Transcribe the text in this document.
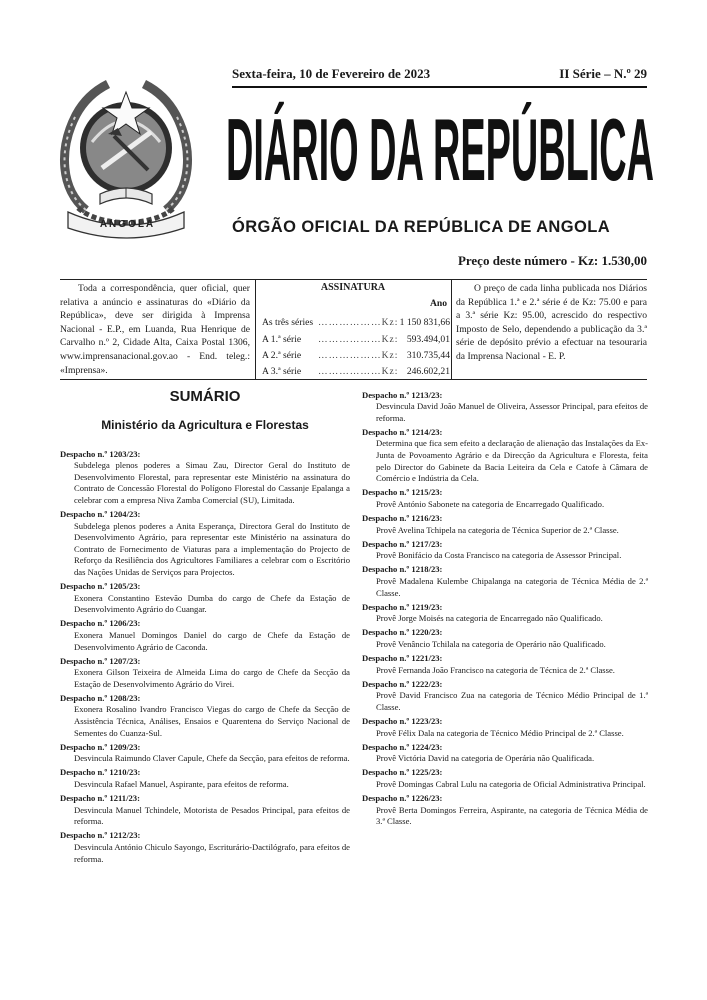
ANGOLA
Sexta-feira, 10 de Fevereiro de 2023	II Série – N.º 29
DIÁRIO DA REPÚBLICA
ÓRGÃO OFICIAL DA REPÚBLICA DE ANGOLA
Preço deste número - Kz: 1.530,00
Toda a correspondência, quer oficial, quer relativa a anúncio e assinaturas do «Diário da República», deve ser dirigida à Imprensa Nacional - E.P., em Luanda, Rua Henrique de Carvalho n.º 2, Cidade Alta, Caixa Postal 1306, www.imprensanacional.gov.ao - End. teleg.: «Imprensa».
ASSINATURA
Ano
As três séries ………………Kz: 1 150 831,66
A 1.ª série	………………Kz: 593.494,01
A 2.ª série	………………Kz: 310.735,44
A 3.ª série	………………Kz: 246.602,21
O preço de cada linha publicada nos Diários da República 1.ª e 2.ª série é de Kz: 75.00 e para a 3.ª série Kz: 95.00, acrescido do respectivo Imposto de Selo, dependendo a publicação da 3.ª série de depósito prévio a efectuar na tesouraria da Imprensa Nacional - E. P.
SUMÁRIO
Ministério da Agricultura e Florestas
Despacho n.º 1203/23:
Subdelega plenos poderes a Simau Zau, Director Geral do Instituto de Desenvolvimento Florestal, para representar este Ministério na assinatura do Contrato de Concessão Florestal do Polígono Florestal do Cassanje Epalanga a celebrar com a empresa Niva Zamba Comercial (SU), Limitada.
Despacho n.º 1204/23:
Subdelega plenos poderes a Anita Esperança, Directora Geral do Instituto de Desenvolvimento Agrário, para representar este Ministério na assinatura do Contrato de Fornecimento de Viaturas para a implementação do Projecto de Reforço da Resiliência dos Agricultores Familiares a celebrar com o Escritório das Nações Unidas de Serviços para Projectos.
Despacho n.º 1205/23:
Exonera Constantino Estevão Dumba do cargo de Chefe da Estação de Desenvolvimento Agrário do Cuangar.
Despacho n.º 1206/23:
Exonera Manuel Domingos Daniel do cargo de Chefe da Estação de Desenvolvimento Agrário de Caconda.
Despacho n.º 1207/23:
Exonera Gilson Teixeira de Almeida Lima do cargo de Chefe da Secção da Estação de Desenvolvimento Agrário do Virei.
Despacho n.º 1208/23:
Exonera Rosalino Ivandro Francisco Viegas do cargo de Chefe da Secção de Assistência Técnica, Análises, Ensaios e Quarentena do Serviço Nacional de Sementes do Cuanza-Sul.
Despacho n.º 1209/23:
Desvincula Raimundo Claver Capule, Chefe da Secção, para efeitos de reforma.
Despacho n.º 1210/23:
Desvincula Rafael Manuel, Aspirante, para efeitos de reforma.
Despacho n.º 1211/23:
Desvincula Manuel Tchindele, Motorista de Pesados Principal, para efeitos de reforma.
Despacho n.º 1212/23:
Desvincula António Chiculo Sayongo, Escriturário-Dactilógrafo, para efeitos de reforma.
Despacho n.º 1213/23:
Desvincula David João Manuel de Oliveira, Assessor Principal, para efeitos de reforma.
Despacho n.º 1214/23:
Determina que fica sem efeito a declaração de alienação das Instalações da Ex-Junta de Povoamento Agrário e da Direcção da Agricultura e Floresta, feita pelo Director do Gabinete da Bacia Leiteira da Cela e Catofe à Câmara de Comércio e Indústria da Cela.
Despacho n.º 1215/23:
Provê António Sabonete na categoria de Encarregado Qualificado.
Despacho n.º 1216/23:
Provê Avelina Tchipela na categoria de Técnica Superior de 2.ª Classe.
Despacho n.º 1217/23:
Provê Bonifácio da Costa Francisco na categoria de Assessor Principal.
Despacho n.º 1218/23:
Provê Madalena Kulembe Chipalanga na categoria de Técnica Média de 2.ª Classe.
Despacho n.º 1219/23:
Provê Jorge Moisés na categoria de Encarregado não Qualificado.
Despacho n.º 1220/23:
Provê Venâncio Tchilala na categoria de Operário não Qualificado.
Despacho n.º 1221/23:
Provê Fernanda João Francisco na categoria de Técnica de 2.ª Classe.
Despacho n.º 1222/23:
Provê David Francisco Zua na categoria de Técnico Médio Principal de 1.ª Classe.
Despacho n.º 1223/23:
Provê Félix Dala na categoria de Técnico Médio Principal de 2.ª Classe.
Despacho n.º 1224/23:
Provê Victória David na categoria de Operária não Qualificada.
Despacho n.º 1225/23:
Provê Domingas Cabral Lulu na categoria de Oficial Administrativa Principal.
Despacho n.º 1226/23:
Provê Berta Domingos Ferreira, Aspirante, na categoria de Técnica Média de 3.ª Classe.
